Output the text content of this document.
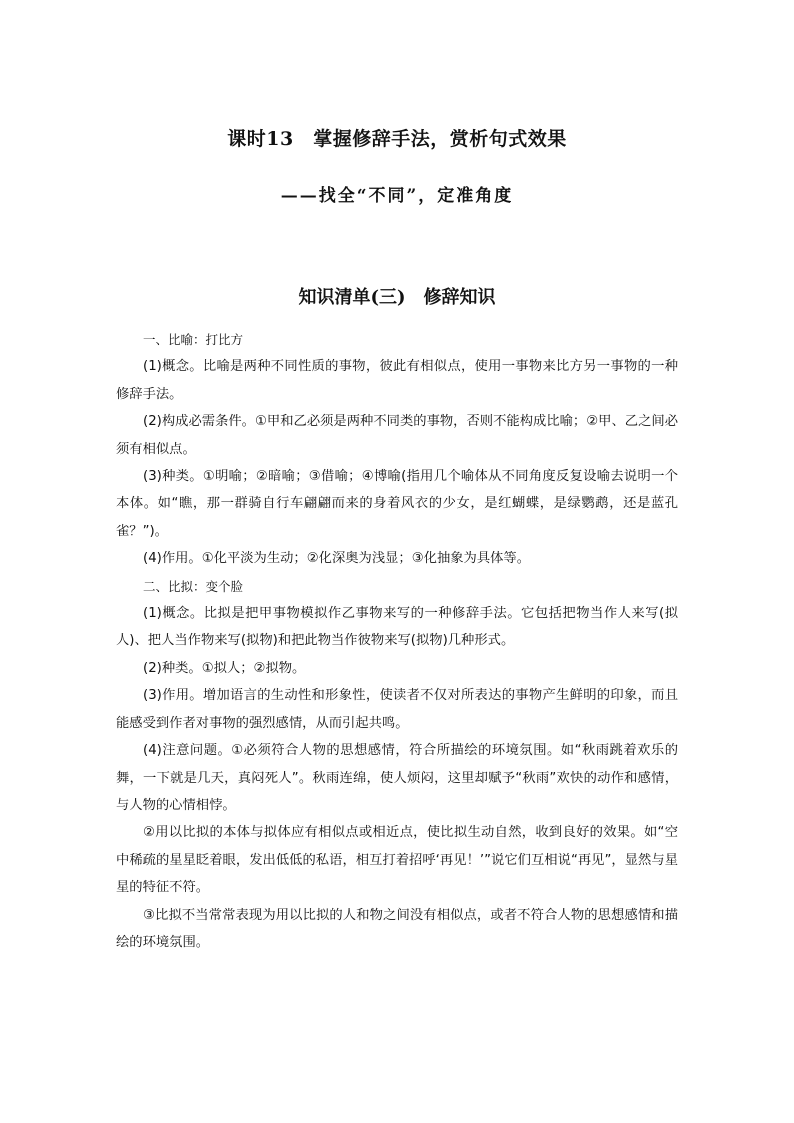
课时13　掌握修辞手法，赏析句式效果
——找全“不同”，定准角度
知识清单(三)　修辞知识

一、比喻：打比方

(1)概念。比喻是两种不同性质的事物，彼此有相似点，使用一事物来比方另一事物的一种修辞手法。

(2)构成必需条件。①甲和乙必须是两种不同类的事物，否则不能构成比喻；②甲、乙之间必须有相似点。

(3)种类。①明喻；②暗喻；③借喻；④博喻(指用几个喻体从不同角度反复设喻去说明一个本体。如“瞧，那一群骑自行车翩翩而来的身着风衣的少女，是红蝴蝶，是绿鹦鹉，还是蓝孔雀？”)。

(4)作用。①化平淡为生动；②化深奥为浅显；③化抽象为具体等。

二、比拟：变个脸

(1)概念。比拟是把甲事物模拟作乙事物来写的一种修辞手法。它包括把物当作人来写(拟人)、把人当作物来写(拟物)和把此物当作彼物来写(拟物)几种形式。

(2)种类。①拟人；②拟物。

(3)作用。增加语言的生动性和形象性，使读者不仅对所表达的事物产生鲜明的印象，而且能感受到作者对事物的强烈感情，从而引起共鸣。

(4)注意问题。①必须符合人物的思想感情，符合所描绘的环境氛围。如“秋雨跳着欢乐的舞，一下就是几天，真闷死人”。秋雨连绵，使人烦闷，这里却赋予“秋雨”欢快的动作和感情，与人物的心情相悖。

②用以比拟的本体与拟体应有相似点或相近点，使比拟生动自然，收到良好的效果。如“空中稀疏的星星眨着眼，发出低低的私语，相互打着招呼‘再见！’”说它们互相说“再见”，显然与星星的特征不符。

③比拟不当常常表现为用以比拟的人和物之间没有相似点，或者不符合人物的思想感情和描绘的环境氛围。
